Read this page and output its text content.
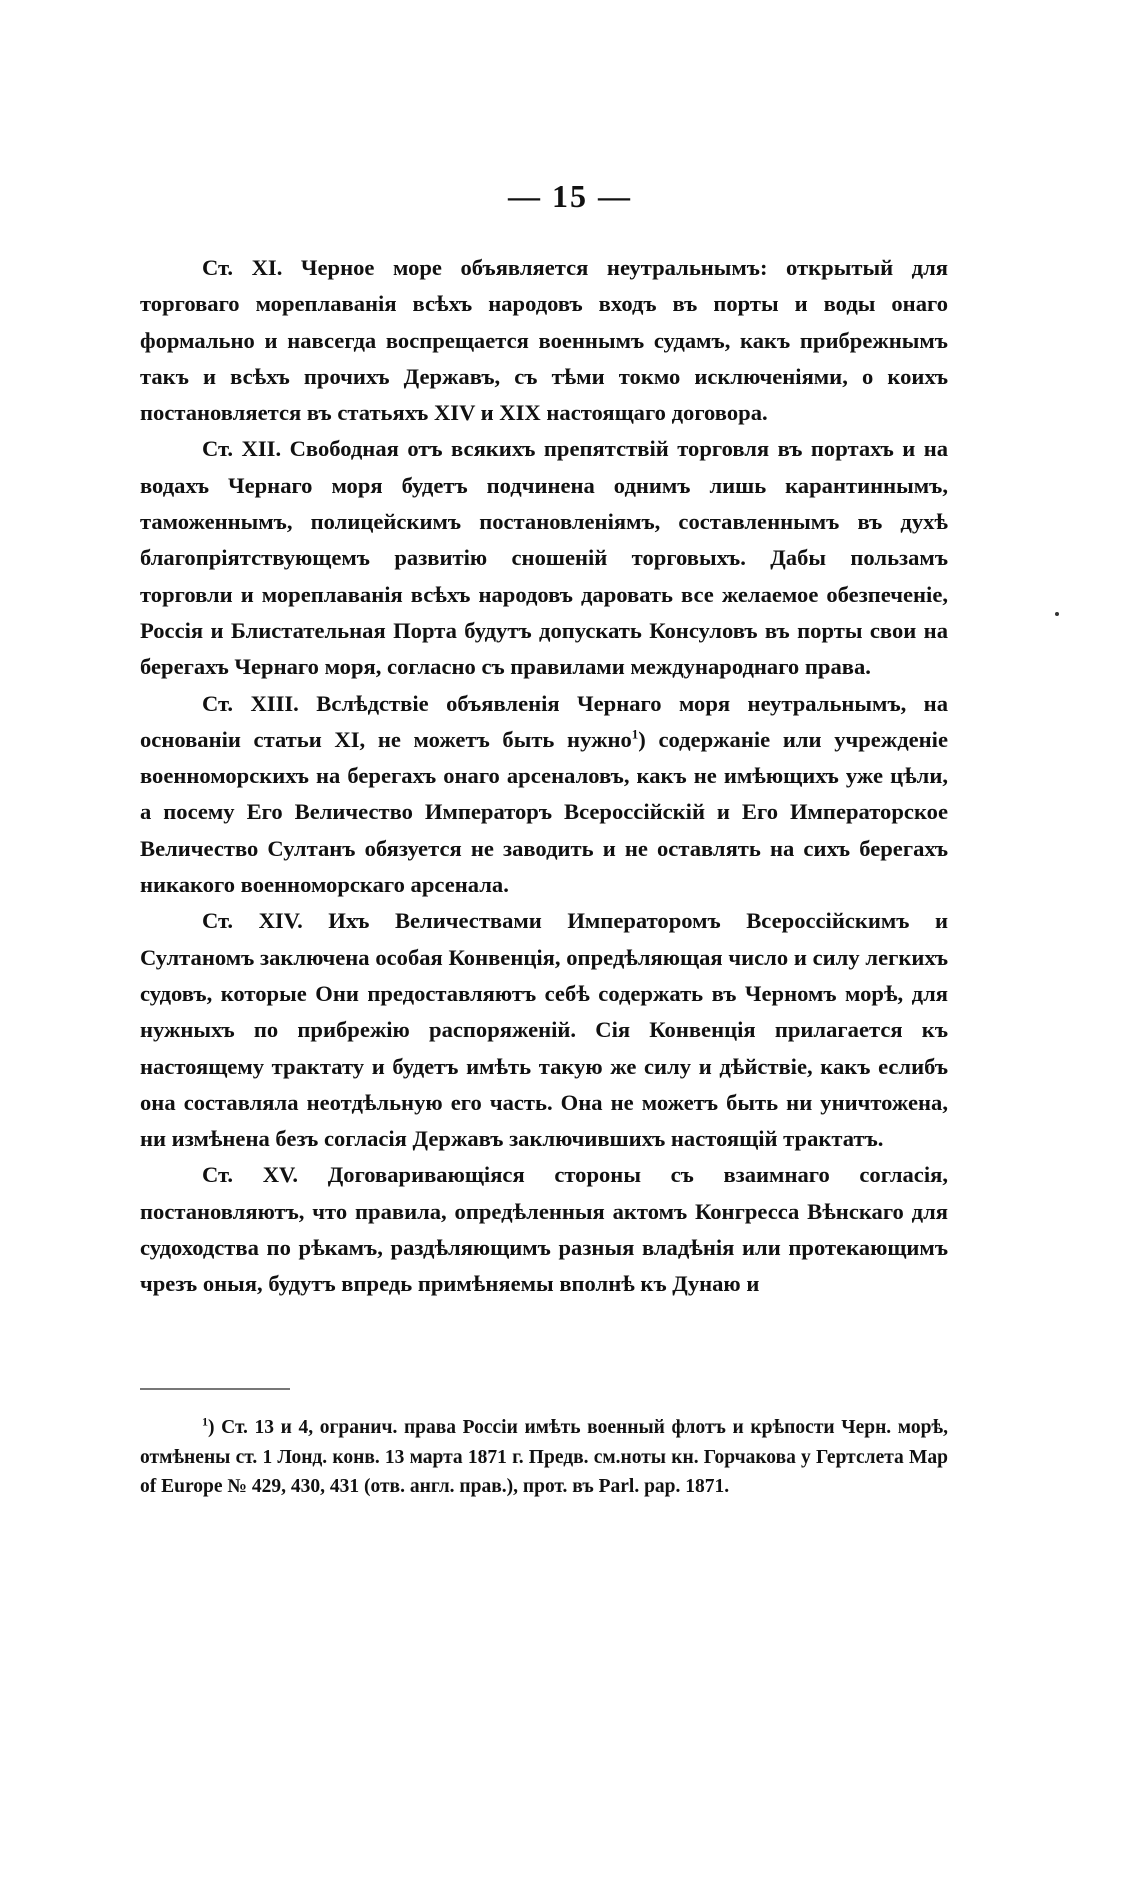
— 15 —

Ст. XI. Черное море объявляется неутральнымъ: открытый для торговаго мореплаванія всѣхъ народовъ входъ въ порты и воды онаго формально и навсегда воспрещается военнымъ судамъ, какъ прибрежнымъ такъ и всѣхъ прочихъ Державъ, съ тѣми токмо исключеніями, о коихъ постановляется въ статьяхъ XIV и XIX настоящаго договора.

Ст. XII. Свободная отъ всякихъ препятствій торговля въ портахъ и на водахъ Чернаго моря будетъ подчинена однимъ лишь карантиннымъ, таможеннымъ, полицейскимъ постановленіямъ, составленнымъ въ духѣ благопріятствующемъ развитію сношеній торговыхъ. Дабы пользамъ торговли и мореплаванія всѣхъ народовъ даровать все желаемое обезпеченіе, Россія и Блистательная Порта будутъ допускать Консуловъ въ порты свои на берегахъ Чернаго моря, согласно съ правилами международнаго права.

Ст. XIII. Вслѣдствіе объявленія Чернаго моря неутральнымъ, на основаніи статьи XI, не можетъ быть нужно$^1$) содержаніе или учрежденіе военноморскихъ на берегахъ онаго арсеналовъ, какъ не имѣющихъ уже цѣли, а посему Его Величество Императоръ Всероссійскій и Его Императорское Величество Султанъ обязуется не заводить и не оставлять на сихъ берегахъ никакого военноморскаго арсенала.

Ст. XIV. Ихъ Величествами Императоромъ Всероссійскимъ и Султаномъ заключена особая Конвенція, опредѣляющая число и силу легкихъ судовъ, которые Они предоставляютъ себѣ содержать въ Черномъ морѣ, для нужныхъ по прибрежію распоряженій. Сія Конвенція прилагается къ настоящему трактату и будетъ имѣть такую же силу и дѣйствіе, какъ еслибъ она составляла неотдѣльную его часть. Она не можетъ быть ни уничтожена, ни измѣнена безъ согласія Державъ заключившихъ настоящій трактатъ.

Ст. XV. Договаривающіяся стороны съ взаимнаго согласія, постановляютъ, что правила, опредѣленныя актомъ Конгресса Вѣнскаго для судоходства по рѣкамъ, раздѣляющимъ разныя владѣнія или протекающимъ чрезъ оныя, будутъ впредь примѣняемы вполнѣ къ Дунаю и

$^1$) Ст. 13 и 4, огранич. права Россіи имѣть военный флотъ и крѣпости Черн. морѣ, отмѣнены ст. 1 Лонд. конв. 13 марта 1871 г. Предв. см.ноты кн. Горчакова у Гертслета Map of Europe № 429, 430, 431 (отв. англ. прав.), прот. въ Parl. pap. 1871.
